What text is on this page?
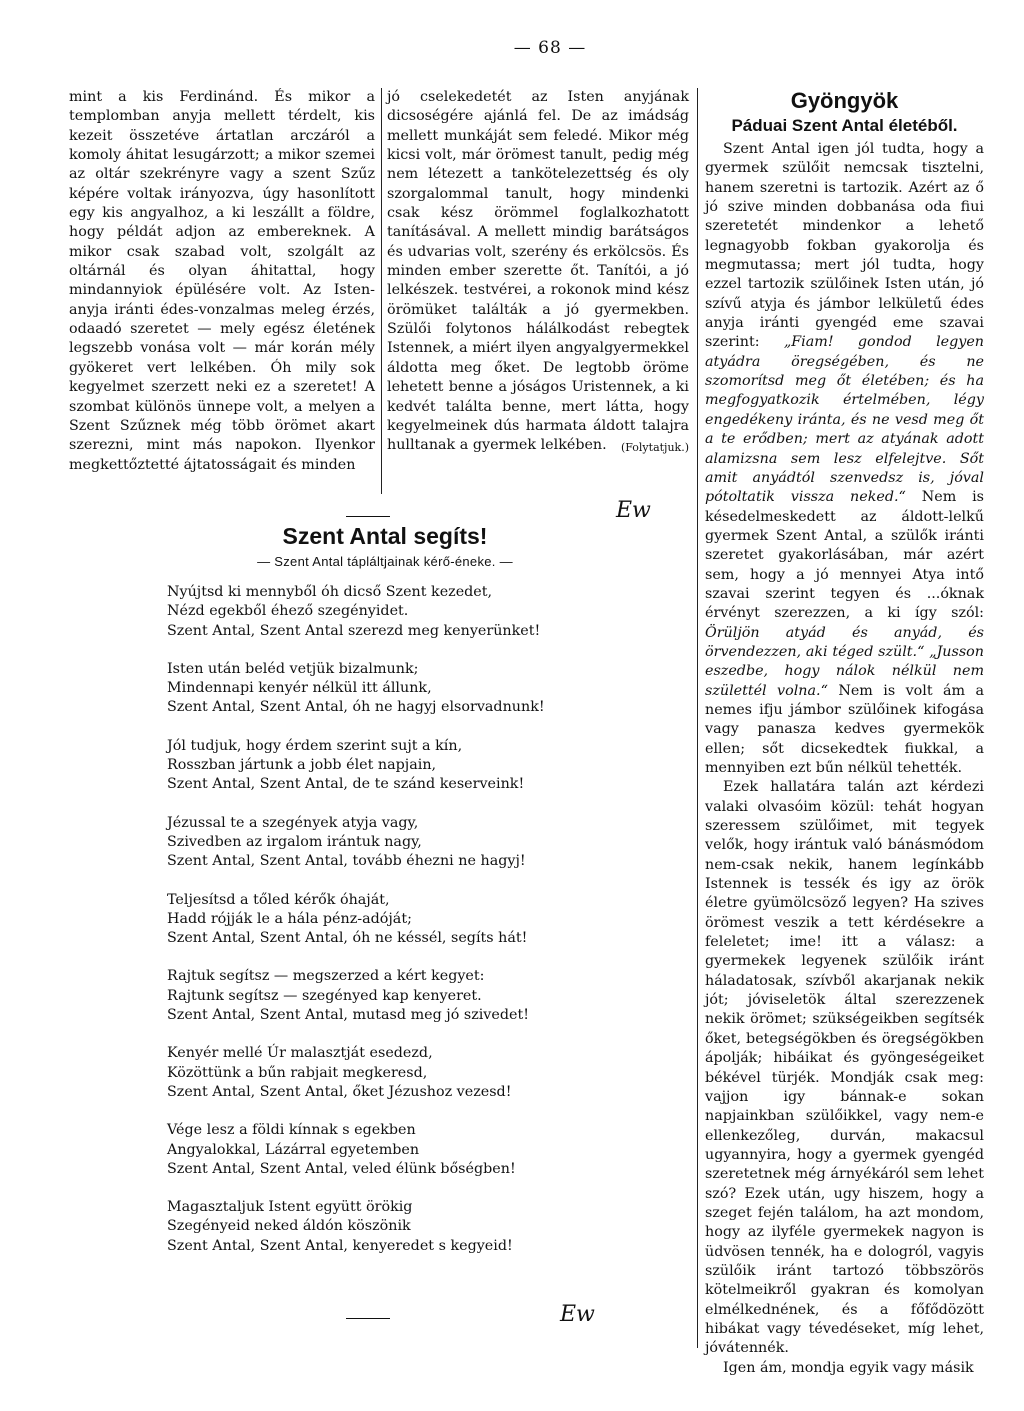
— 68 —

mint a kis Ferdinánd. És mikor a templomban anyja mellett térdelt, kis kezeit összetéve ártatlan arczáról a komoly áhitat lesugárzott; a mikor szemei az oltár szekrényre vagy a szent Szűz képére voltak irányozva, úgy hasonlított egy kis angyalhoz, a ki leszállt a földre, hogy példát adjon az embereknek. A mikor csak szabad volt, szolgált az oltárnál és olyan áhitattal, hogy mindannyiok épülésére volt. Az Isten-anyja iránti édes-vonzalmas meleg érzés, odaadó szeretet — mely egész életének legszebb vonása volt — már korán mély gyökeret vert lelkében. Óh mily sok kegyelmet szerzett neki ez a szeretet! A szombat különös ünnepe volt, a melyen a Szent Szűznek még több örömet akart szerezni, mint más napokon. Ilyenkor megkettőztetté ájtatosságait és minden

jó cselekedetét az Isten anyjának dicsoségére ajánlá fel. De az imádság mellett munkáját sem feledé. Mikor még kicsi volt, már örömest tanult, pedig még nem létezett a tankötelezettség és oly szorgalommal tanult, hogy mindenki csak kész örömmel foglalkozhatott tanításával. A mellett mindig barátságos és udvarias volt, szerény és erkölcsös. És minden ember szerette őt. Tanítói, a jó lelkészek. testvérei, a rokonok mind kész örömüket találták a jó gyermekben. Szülői folytonos hálálkodást rebegtek Istennek, a miért ilyen angyalgyermekkel áldotta meg őket. De legtobb öröme lehetett benne a jóságos Uristennek, a ki kedvét találta benne, mert látta, hogy kegyelmeinek dús harmata áldott talajra hulltanak a gyermek lelkében. (Folytatjuk.)

Ew
Szent Antal segíts!
— Szent Antal tápláltjainak kérő-éneke. —
Nyújtsd ki mennyből óh dicső Szent kezedet,
Nézd egekből éhező szegényidet.
Szent Antal, Szent Antal szerezd meg kenyerünket!
Isten után beléd vetjük bizalmunk;
Mindennapi kenyér nélkül itt állunk,
Szent Antal, Szent Antal, óh ne hagyj elsorvadnunk!
Jól tudjuk, hogy érdem szerint sujt a kín,
Rosszban jártunk a jobb élet napjain,
Szent Antal, Szent Antal, de te szánd keserveink!
Jézussal te a szegények atyja vagy,
Szivedben az irgalom irántuk nagy,
Szent Antal, Szent Antal, tovább éhezni ne hagyj!
Teljesítsd a tőled kérők óhaját,
Hadd rójják le a hála pénz-adóját;
Szent Antal, Szent Antal, óh ne késsél, segíts hát!
Rajtuk segítsz — megszerzed a kért kegyet:
Rajtunk segítsz — szegényed kap kenyeret.
Szent Antal, Szent Antal, mutasd meg jó szivedet!
Kenyér mellé Úr malasztját esedezd,
Közöttünk a bűn rabjait megkeresd,
Szent Antal, Szent Antal, őket Jézushoz vezesd!
Vége lesz a földi kínnak s egekben
Angyalokkal, Lázárral egyetemben
Szent Antal, Szent Antal, veled élünk bőségben!
Magasztaljuk Istent együtt örökig
Szegényeid neked áldón köszönik
Szent Antal, Szent Antal, kenyeredet s kegyeid!
Ew
Gyöngyök
Páduai Szent Antal életéből.

Szent Antal igen jól tudta, hogy a gyermek szülőit nemcsak tisztelni, hanem szeretni is tartozik. Azért az ő jó szive minden dobbanása oda fiui szeretetét mindenkor a lehető legnagyobb fokban gyakorolja és megmutassa; mert jól tudta, hogy ezzel tartozik szülőinek Isten után, jó szívű atyja és jámbor lelkületű édes anyja iránti gyengéd eme szavai szerint: „Fiam! gondod legyen atyádra öregségében, és ne szomorítsd meg őt életében; és ha megfogyatkozik értelmében, légy engedékeny iránta, és ne vesd meg őt a te erődben; mert az atyának adott alamizsna sem lesz elfelejtve. Sőt amit anyádtól szenvedsz is, jóval pótoltatik vissza neked.“ Nem is késedelmeskedett az áldott-lelkű gyermek Szent Antal, a szülők iránti szeretet gyakorlásában, már azért sem, hogy a jó mennyei Atya intő szavai szerint tegyen és ...óknak érvényt szerezzen, a ki így szól: Örüljön atyád és anyád, és örvendezzen, aki téged szült.“ „Jusson eszedbe, hogy nálok nélkül nem születtél volna.“ Nem is volt ám a nemes ifju jámbor szülőinek kifogása vagy panasza kedves gyermekök ellen; sőt dicsekedtek fiukkal, a mennyiben ezt bűn nélkül tehették.

Ezek hallatára talán azt kérdezi valaki olvasóim közül: tehát hogyan szeressem szülőimet, mit tegyek velők, hogy irántuk való bánásmódom nem-csak nekik, hanem legínkább Istennek is tessék és igy az örök életre gyümölcsöző legyen? Ha szives örömest veszik a tett kérdésekre a feleletet; ime! itt a válasz: a gyermekek legyenek szülőik iránt háladatosak, szívből akarjanak nekik jót; jóviseletök által szerezzenek nekik örömet; szükségeikben segítsék őket, betegségökben és öregségökben ápolják; hibáikat és gyöngeségeiket békével türjék. Mondják csak meg: vajjon igy bánnak-e sokan napjainkban szülőikkel, vagy nem-e ellenkezőleg, durván, makacsul ugyannyira, hogy a gyermek gyengéd szeretetnek még árnyékáról sem lehet szó? Ezek után, ugy hiszem, hogy a szeget fején találom, ha azt mondom, hogy az ilyféle gyermekek nagyon is üdvösen tennék, ha e dologról, vagyis szülőik iránt tartozó többszörös kötelmeikről gyakran és komolyan elmélkednének, és a főfődözött hibákat vagy tévedéseket, míg lehet, jóvátennék.

Igen ám, mondja egyik vagy másik
